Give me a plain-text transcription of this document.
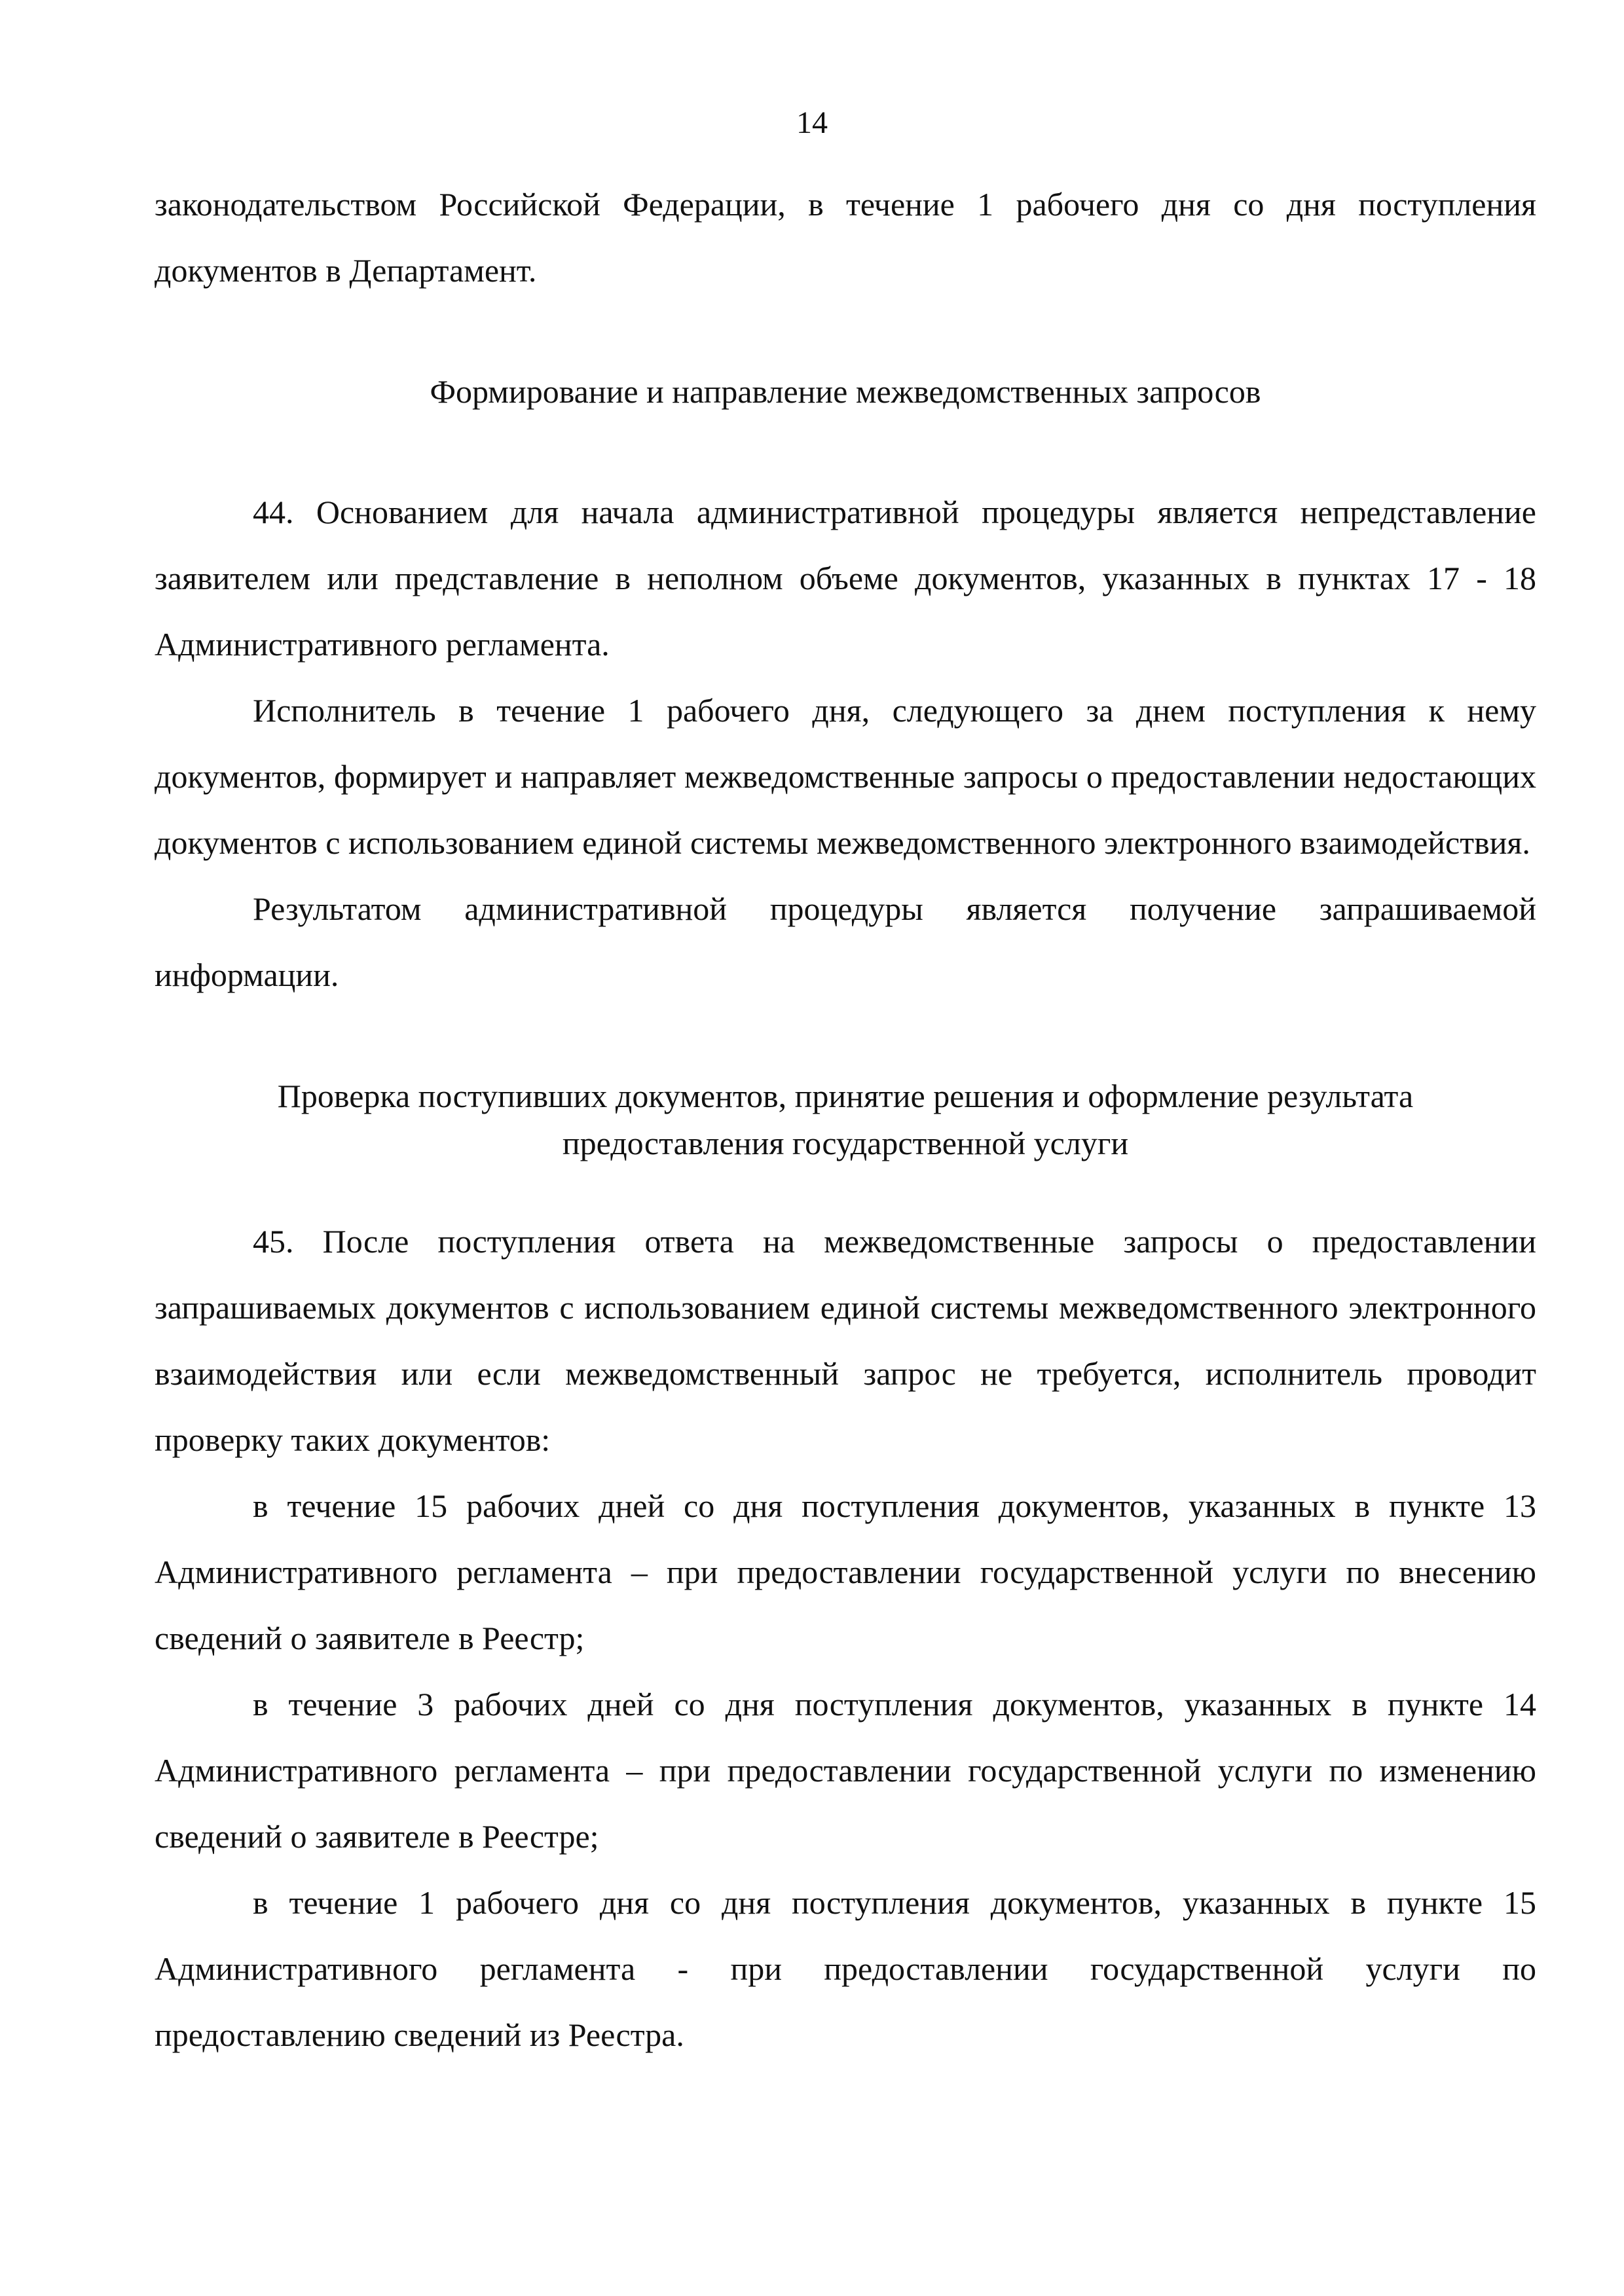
14

законодательством Российской Федерации, в течение 1 рабочего дня со дня поступления документов в Департамент.

Формирование и направление межведомственных запросов

44. Основанием для начала административной процедуры является непредставление заявителем или представление в неполном объеме документов, указанных в пунктах 17 - 18 Административного регламента.

Исполнитель в течение 1 рабочего дня, следующего за днем поступления к нему документов, формирует и направляет межведомственные запросы о предоставлении недостающих документов с использованием единой системы межведомственного электронного взаимодействия.

Результатом административной процедуры является получение запрашиваемой информации.

Проверка поступивших документов, принятие решения и оформление результата
предоставления государственной услуги

45. После поступления ответа на межведомственные запросы о предоставлении запрашиваемых документов с использованием единой системы межведомственного электронного взаимодействия или если межведомственный запрос не требуется, исполнитель проводит проверку таких документов:

в течение 15 рабочих дней со дня поступления документов, указанных в пункте 13 Административного регламента – при предоставлении государственной услуги по внесению сведений о заявителе в Реестр;

в течение 3 рабочих дней со дня поступления документов, указанных в пункте 14 Административного регламента – при предоставлении государственной услуги по изменению сведений о заявителе в Реестре;

в течение 1 рабочего дня со дня поступления документов, указанных в пункте 15 Административного регламента - при предоставлении государственной услуги по предоставлению сведений из Реестра.
